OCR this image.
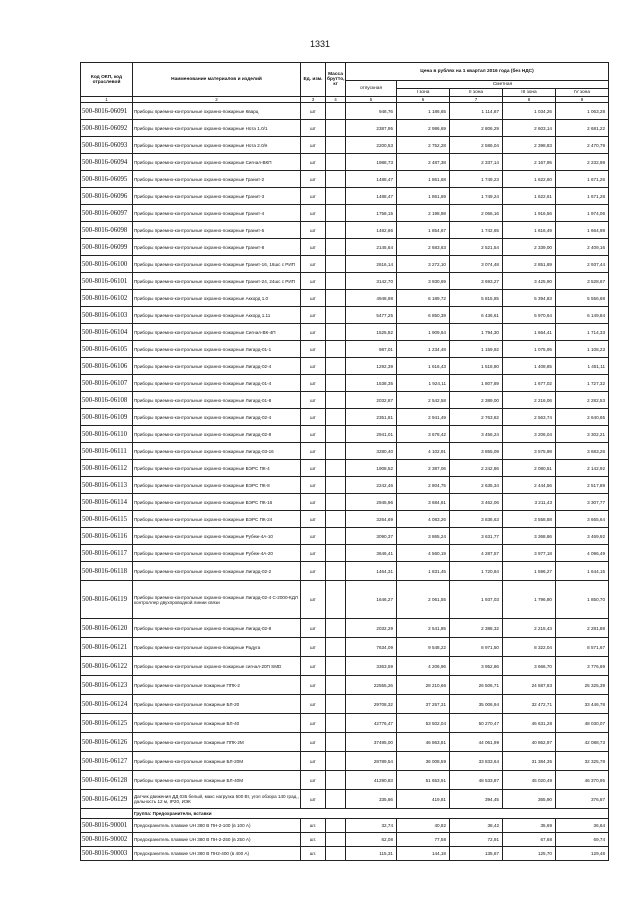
1331
Код ОКП, код отраслевой	Наименование материалов и изделий	Ед. изм.	Масса брутто, кг	Цена в рублях на 1 квартал 2016 года (без НДС)				
				отпускная	Сметная			
					I зона	II зона	III зона	IV зона
1	2	3	4	5	6	7	8	9
500-8016-06091	Приборы приемно-контрольные охранно-пожарные Кварц	шт		948,76	1 186,65	1 114,87	1 034,26	1 063,28
500-8016-06092	Приборы приемно-контрольные охранно-пожарные Нота 1.0/1	шт		2387,95	2 986,69	2 806,29	2 603,14	2 681,22
500-8016-06093	Приборы приемно-контрольные охранно-пожарные Нота 2.0/я	шт		2200,53	2 752,28	2 586,04	2 398,83	2 470,79
500-8016-06094	Приборы приемно-контрольные охранно-пожарные Сигнал-ВКП	шт		1988,73	2 487,38	2 337,14	2 167,95	2 232,98
500-8016-06095	Приборы приемно-контрольные охранно-пожарные Гранит-2	шт		1488,47	1 861,68	1 749,23	1 622,60	1 671,26
500-8016-06096	Приборы приемно-контрольные охранно-пожарные Гранит-3	шт		1488,47	1 861,69	1 749,24	1 622,61	1 671,28
500-8016-06097	Приборы приемно-контрольные охранно-пожарные Гранит-4	шт		1758,15	2 198,98	2 066,16	1 916,56	1 974,06
500-8016-06098	Приборы приемно-контрольные охранно-пожарные Гранит-5	шт		1482,66	1 854,67	1 742,65	1 616,49	1 664,98
500-8016-06099	Приборы приемно-контрольные охранно-пожарные Гранит-8	шт		2145,64	2 683,63	2 521,54	2 339,00	2 409,16
500-8016-06100	Приборы приемно-контрольные охранно-пожарные Гранит-16, 16шс с РИП	шт		2616,14	3 272,10	3 074,48	2 851,89	2 937,44
500-8016-06101	Приборы приемно-контрольные охранно-пожарные Гранит-24, 24шс с РИП	шт		3142,70	3 930,69	3 693,27	3 425,90	3 528,67
500-8016-06102	Приборы приемно-контрольные охранно-пожарные Аккорд 1.0	шт		4948,98	6 189,72	5 815,85	5 394,83	5 556,68
500-8016-06103	Приборы приемно-контрольные охранно-пожарные Аккорд 1.11	шт		5477,25	6 850,39	6 436,61	5 970,64	6 149,84
500-8016-06104	Приборы приемно-контрольные охранно-пожарные Сигнал-ВК-4П	шт		1525,82	1 909,64	1 794,30	1 664,41	1 714,33
500-8016-06105	Приборы приемно-контрольные охранно-пожарные Лигард-01-1	шт		987,01	1 234,48	1 159,92	1 075,95	1 108,23
500-8016-06106	Приборы приемно-контрольные охранно-пожарные Лигард-02-4	шт		1292,39	1 616,43	1 518,80	1 408,85	1 451,11
500-8016-06107	Приборы приемно-контрольные охранно-пожарные Лигард-01-4	шт		1538,35	1 924,11	1 807,89	1 677,02	1 727,32
500-8016-06108	Приборы приемно-контрольные охранно-пожарные Лигард-01-8	шт		2032,87	2 542,58	2 389,00	2 216,06	2 282,53
500-8016-06109	Приборы приемно-контрольные охранно-пожарные Лигард-02-4	шт		2351,81	2 941,49	2 763,82	2 563,74	2 640,65
500-8016-06110	Приборы приемно-контрольные охранно-пожарные Лигард-02-8	шт		2941,01	3 678,42	3 456,24	3 206,04	3 302,21
500-8016-06111	Приборы приемно-контрольные охранно-пожарные Лигард-03-16	шт		3280,40	4 102,91	3 855,09	3 575,98	3 683,26
500-8016-06112	Приборы приемно-контрольные охранно-пожарные ВЭРС ПК-4	шт		1908,52	2 387,06	2 242,86	2 080,51	2 142,92
500-8016-06113	Приборы приемно-контрольные охранно-пожарные ВЭРС ПК-8	шт		2242,46	2 804,75	2 635,34	2 444,56	2 517,89
500-8016-06114	Приборы приемно-контрольные охранно-пожарные ВЭРС ПК-16	шт		2945,96	3 684,61	3 462,06	3 211,43	3 307,77
500-8016-06115	Приборы приемно-контрольные охранно-пожарные ВЭРС ПК-24	шт		3264,69	4 083,26	3 836,63	3 558,88	3 665,64
500-8016-06116	Приборы приемно-контрольные охранно-пожарные Рубеж-4А-10	шт		3090,37	3 865,24	3 631,77	3 368,86	3 469,92
500-8016-06117	Приборы приемно-контрольные охранно-пожарные Рубеж-4А-20	шт		3646,41	4 560,19	4 287,57	3 977,18	4 096,49
500-8016-06118	Приборы приемно-контрольные охранно-пожарные Лигард-02-2	шт		1464,31	1 831,45	1 720,84	1 596,27	1 644,15
500-8016-06119	Приборы приемно-контрольные охранно-пожарные Лигард-02-4 С-2000-КДЛ контроллер двухпроводной линии связи	шт		1646,27	2 061,55	1 937,03	1 796,80	1 850,70
500-8016-06120	Приборы приемно-контрольные охранно-пожарные Лигард-02-8	шт		2032,29	2 541,85	2 388,32	2 215,43	2 281,88
500-8016-06121	Приборы приемно-контрольные охранно-пожарные Радуга	шт		7634,09	9 548,22	8 971,50	8 322,04	8 571,67
500-8016-06122	Приборы приемно-контрольные охранно-пожарные сигнал-20П SMD	шт		3363,59	4 206,96	3 952,86	3 666,70	3 776,69
500-8016-06123	Приборы приемно-контрольные пожарные ППК-2	шт		22555,26	28 210,66	26 506,71	24 587,83	25 325,39
500-8016-06124	Приборы приемно-контрольные пожарные БЛ-20	шт		29708,32	37 257,31	35 006,94	32 472,71	33 446,78
500-8016-06125	Приборы приемно-контрольные пожарные БЛ-40	шт		42776,47	53 502,04	50 270,47	46 631,28	48 030,07
500-8016-06126	Приборы приемно-контрольные пожарные ППК-2М	шт		37495,00	46 863,81	44 061,99	40 862,97	42 088,73
500-8016-06127	Приборы приемно-контрольные пожарные БЛ-20М	шт		28789,54	36 008,59	33 833,64	31 384,35	32 325,78
500-8016-06128	Приборы приемно-контрольные пожарные БЛ-40М	шт		41290,83	51 653,91	48 533,87	45 020,49	46 370,95
500-8016-06129	Датчик движения ДД 035 белый, макс нагрузка 500 Вт, угол обзора 140 град., дальность 12 м, IP20, ИЭК	шт		335,66	419,81	394,45	365,90	376,87
	Группа: Предохранители, вставки							
500-8016-90001	Предохранитель плавкие UH 380 В ПН-2-100 (в 100 А)	шт.		32,74	40,82	38,42	35,69	36,64
500-8016-90002	Предохранитель плавкие UH 380 В ПН-2-250 (в 250 А)	шт.		62,08	77,58	72,91	67,68	69,74
500-8016-90003	Предохранитель плавкие UH 380 В ПН2-400 (в 400 А)	шт.		115,31	144,18	135,67	125,70	129,48
